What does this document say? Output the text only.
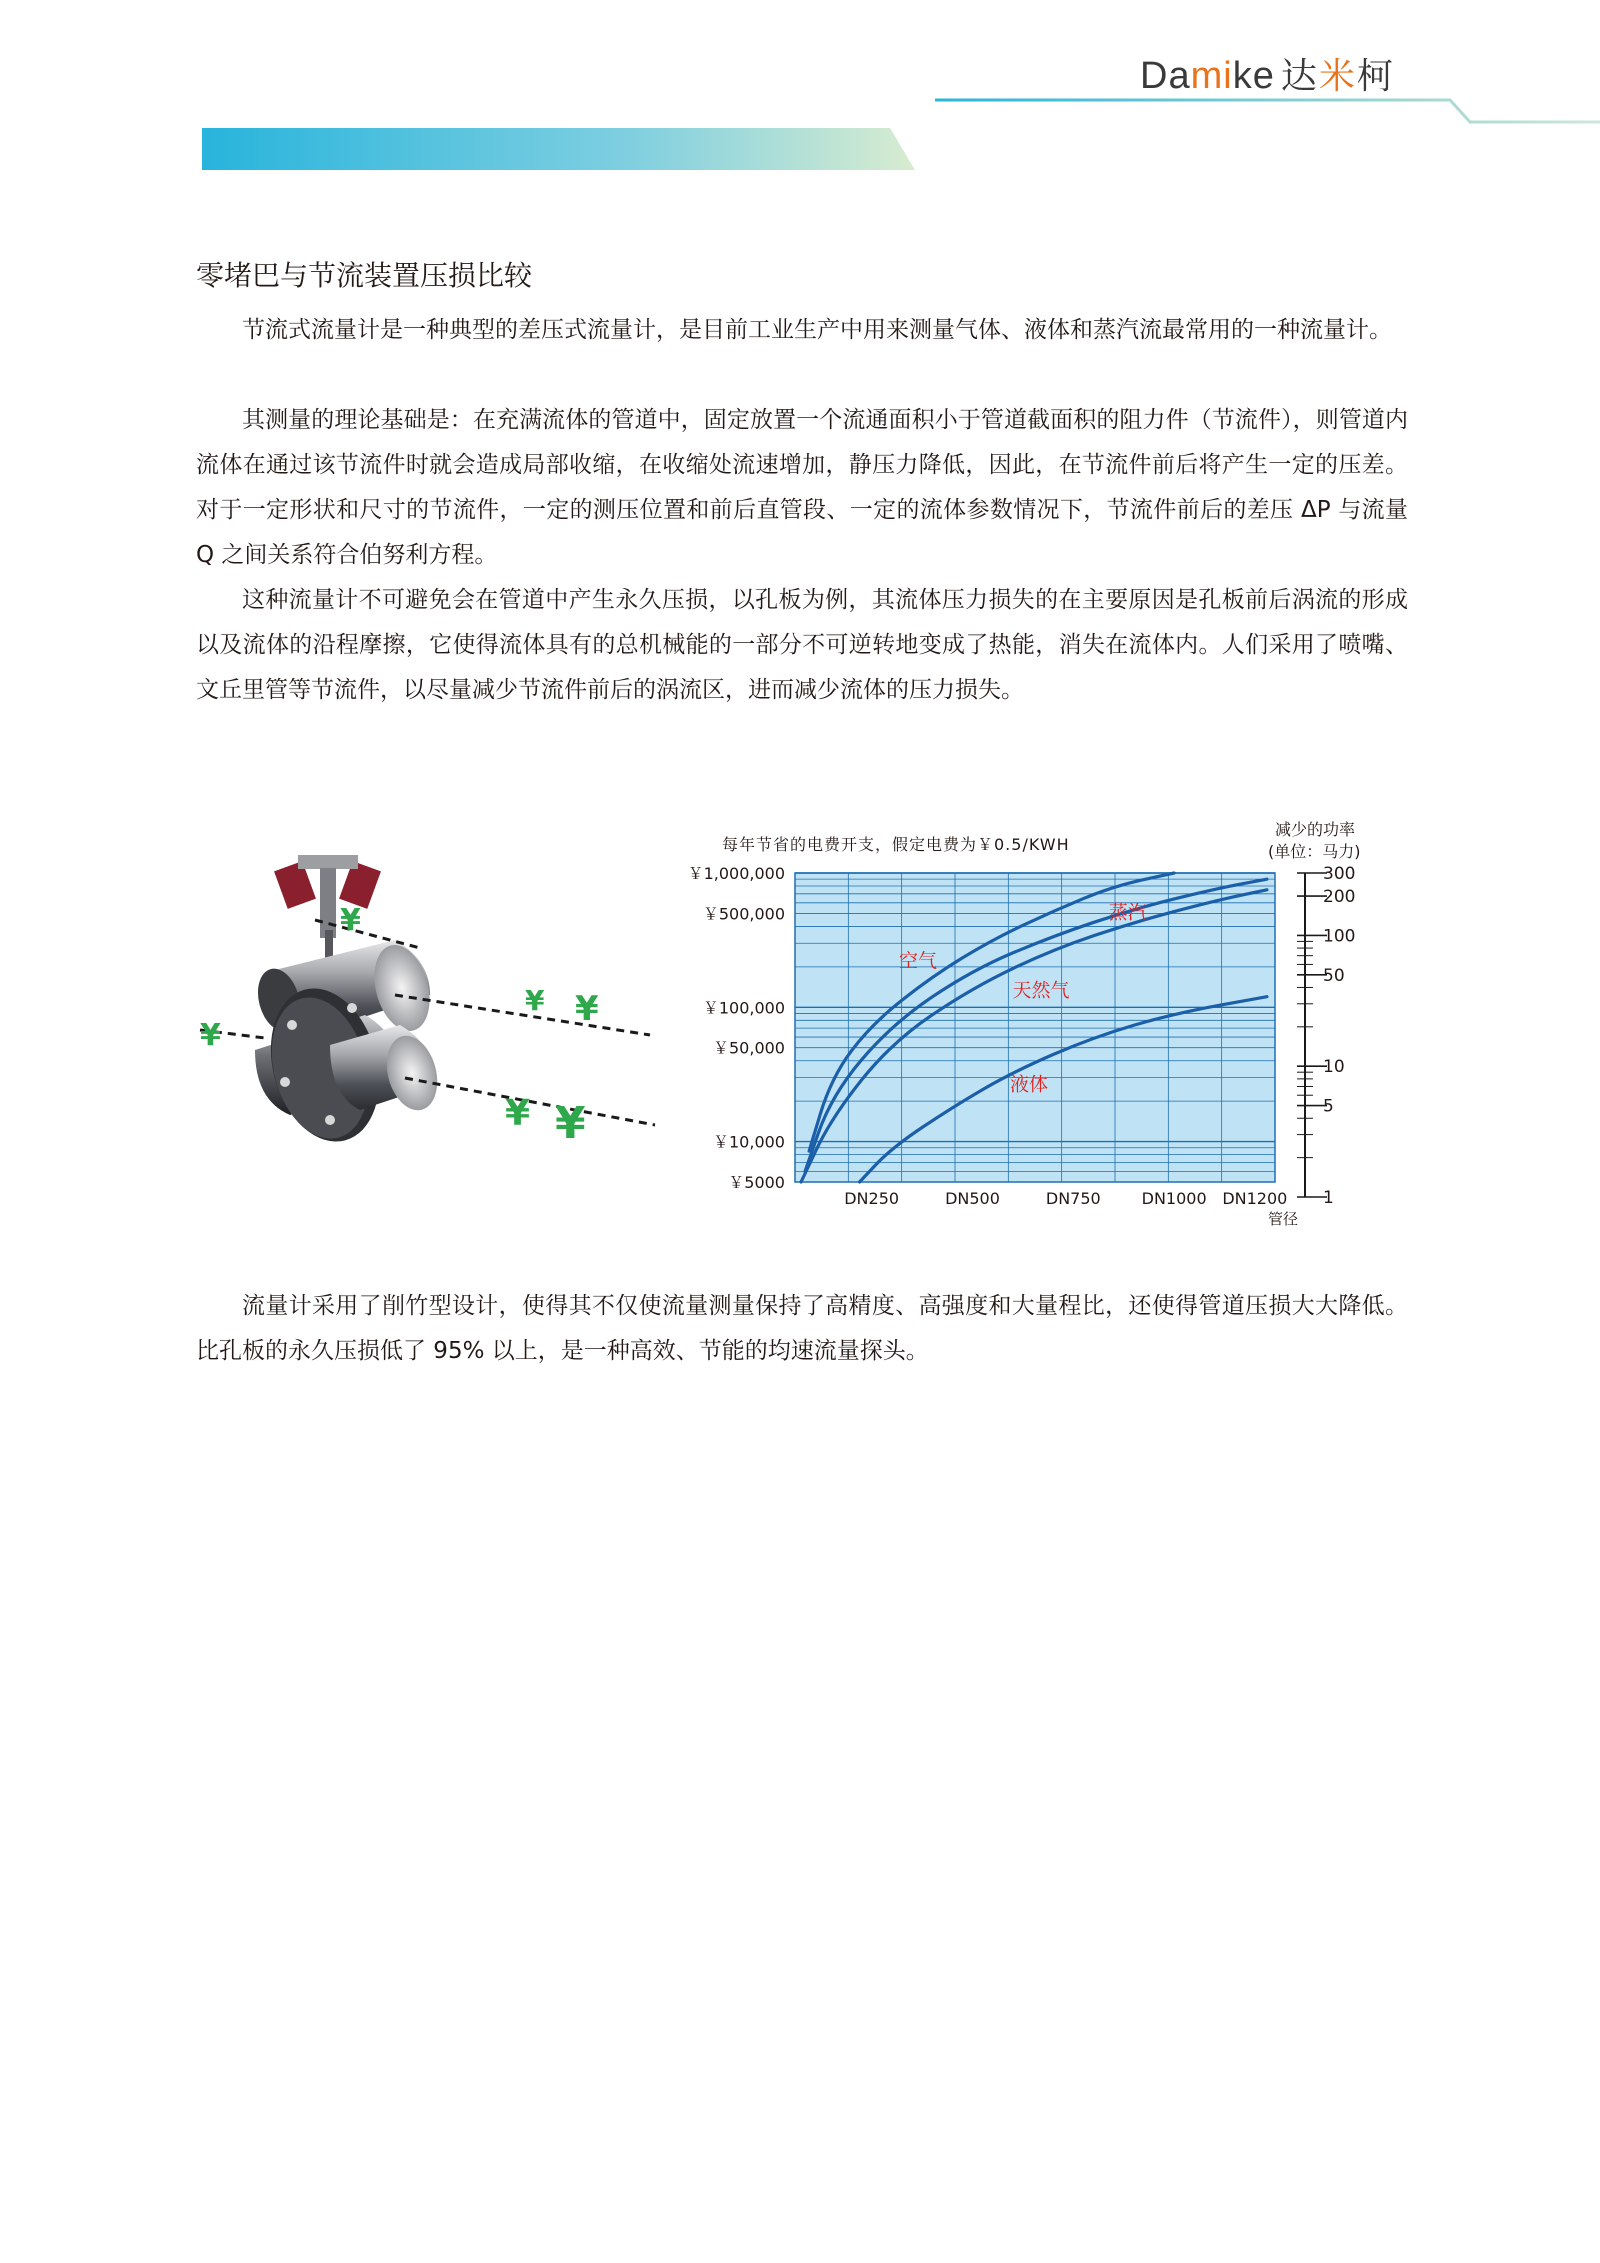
Damike 达米柯
零堵巴与节流装置压损比较

节流式流量计是一种典型的差压式流量计，是目前工业生产中用来测量气体、液体和蒸汽流最常用的一种流量计。

其测量的理论基础是：在充满流体的管道中，固定放置一个流通面积小于管道截面积的阻力件（节流件），则管道内流体在通过该节流件时就会造成局部收缩，在收缩处流速增加，静压力降低，因此，在节流件前后将产生一定的压差。对于一定形状和尺寸的节流件，一定的测压位置和前后直管段、一定的流体参数情况下，节流件前后的差压 ΔP 与流量 Q 之间关系符合伯努利方程。

这种流量计不可避免会在管道中产生永久压损，以孔板为例，其流体压力损失的在主要原因是孔板前后涡流的形成以及流体的沿程摩擦，它使得流体具有的总机械能的一部分不可逆转地变成了热能，消失在流体内。人们采用了喷嘴、文丘里管等节流件，以尽量减少节流件前后的涡流区，进而减少流体的压力损失。

流量计采用了削竹型设计，使得其不仅使流量测量保持了高精度、高强度和大量程比，还使得管道压损大大降低。比孔板的永久压损低了 95% 以上，是一种高效、节能的均速流量探头。

¥
¥ ¥
¥
¥ ¥
每年节省的电费开支，假定电费为￥0.5/KWH
减少的功率
(单位：马力)
￥1,000,000
￥500,000
￥100,000
￥50,000
￥10,000
￥5000
DN250	DN500	DN750	DN1000 DN1200
管径
300
200
100
50
10
5
1
空气
蒸汽
天然气
液体
